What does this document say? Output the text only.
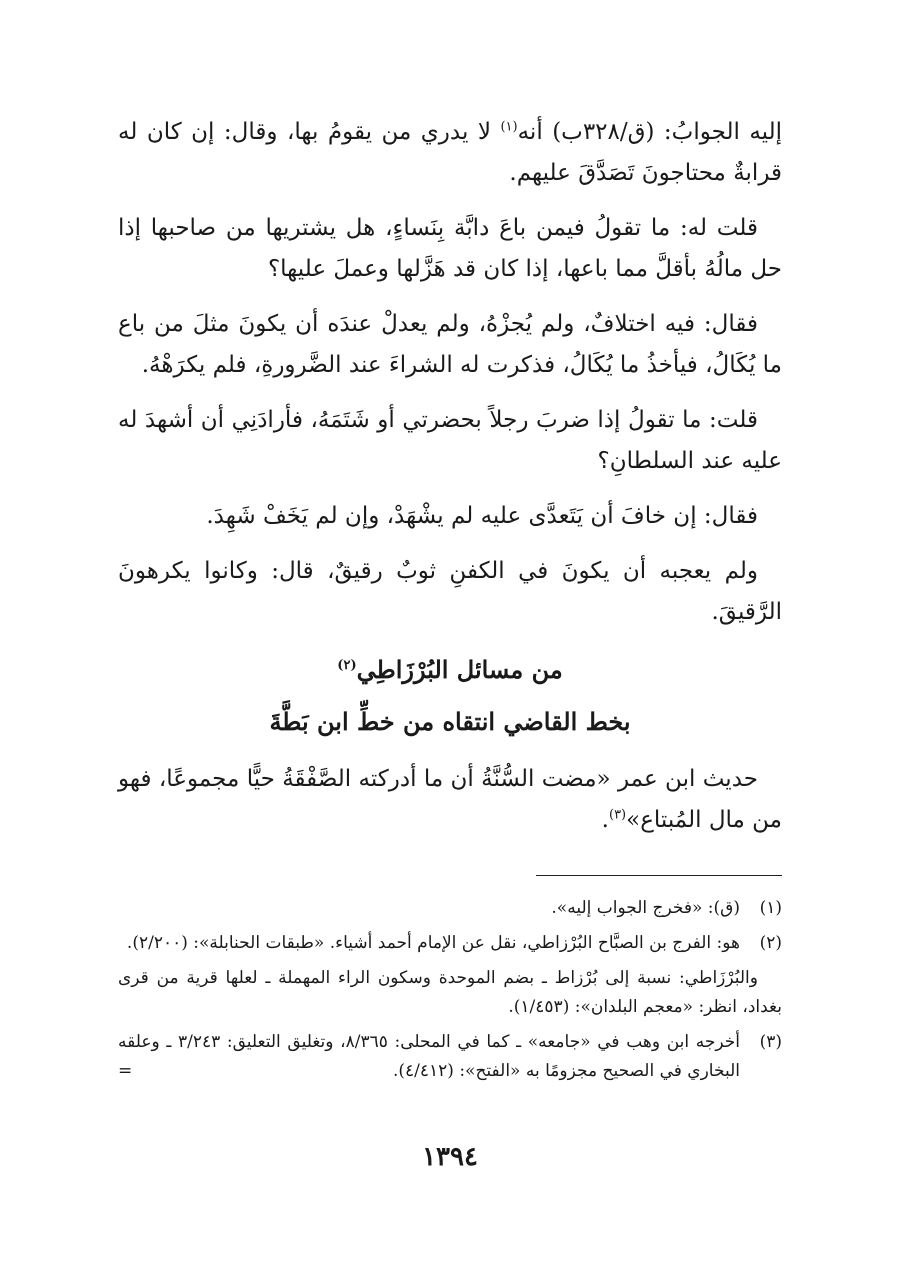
إليه الجوابُ: (ق/٣٢٨ب) أنه$^{(١)}$ لا يدري من يقومُ بها، وقال: إن كان له قرابةٌ محتاجونَ تَصَدَّقَ عليهم.

قلت له: ما تقولُ فيمن باعَ دابَّة بِنَساءٍ، هل يشتريها من صاحبها إذا حل مالُهُ بأقلَّ مما باعها، إذا كان قد هَزَّلها وعملَ عليها؟

فقال: فيه اختلافٌ، ولم يُجزْهُ، ولم يعدلْ عندَه أن يكونَ مثلَ من باع ما يُكَالُ، فيأخذُ ما يُكَالُ، فذكرت له الشراءَ عند الضَّرورةِ، فلم يكرَهْهُ.

قلت: ما تقولُ إذا ضربَ رجلاً بحضرتي أو شَتَمَهُ، فأرادَنِي أن أشهدَ له عليه عند السلطانِ؟

فقال: إن خافَ أن يَتَعدَّى عليه لم يشْهَدْ، وإن لم يَخَفْ شَهِدَ.

ولم يعجبه أن يكونَ في الكفنِ ثوبٌ رقيقٌ، قال: وكانوا يكرهونَ الرَّقيقَ.

من مسائل البُرْزَاطِي$^{(٢)}$
بخط القاضي انتقاه من خطِّ ابن بَطَّةَ

حديث ابن عمر «مضت السُّنَّةُ أن ما أدركته الصَّفْقَةُ حيًّا مجموعًا، فهو من مال المُبتاع»$^{(٣)}$.

(١)
(ق): «فخرج الجواب إليه».
(٢)
هو: الفرج بن الصبَّاح البُرْزاطي، نقل عن الإمام أحمد أشياء. «طبقات الحنابلة»: (٢/٢٠٠).

والبُرْزَاطي: نسبة إلى بُرْزاط ـ بضم الموحدة وسكون الراء المهملة ـ لعلها قرية من قرى بغداد، انظر: «معجم البلدان»: (١/٤٥٣).

(٣)
أخرجه ابن وهب في «جامعه» ـ كما في المحلى: ٨/٣٦٥، وتغليق التعليق: ٣/٢٤٣ ـ وعلقه البخاري في الصحيح مجزومًا به «الفتح»: (٤/٤١٢).
=
١٣٩٤
